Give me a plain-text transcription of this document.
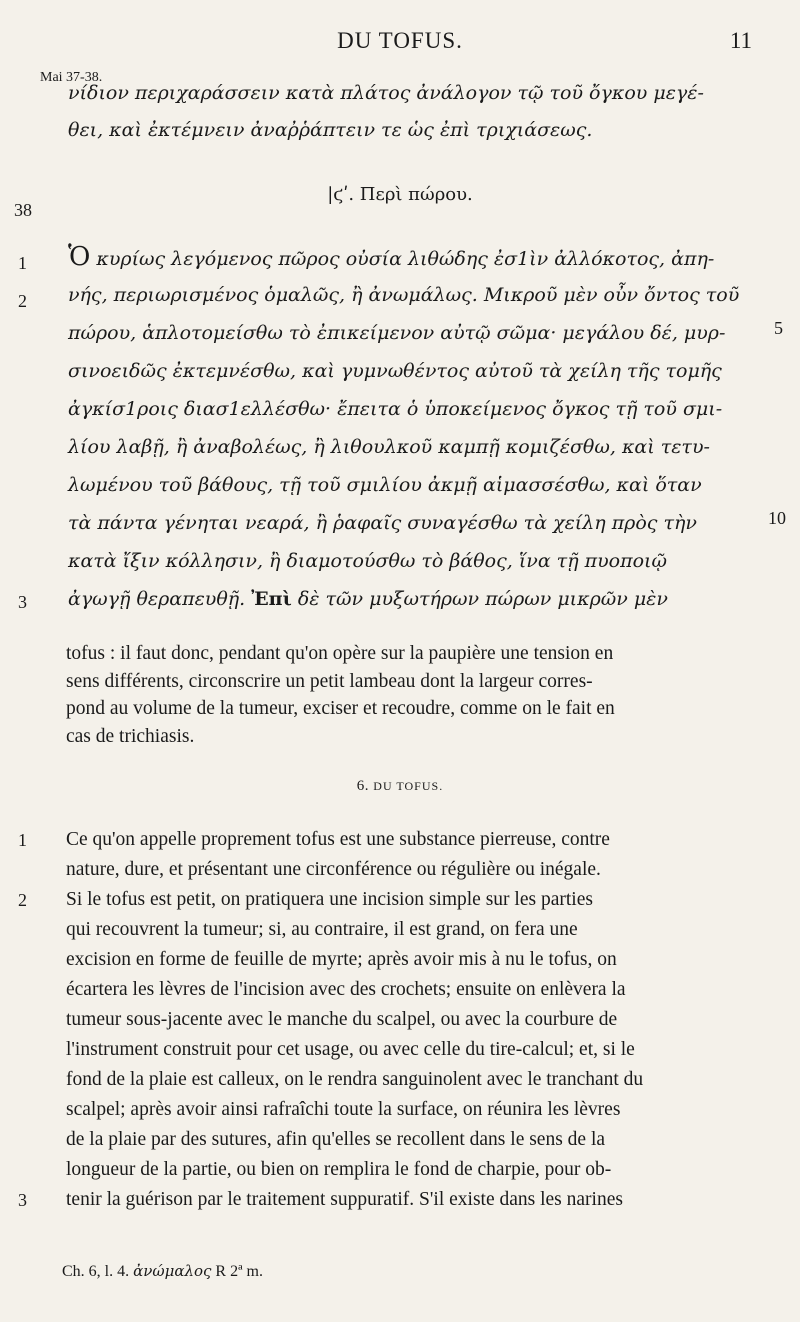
DU TOFUS.	11
Mai 37-38.
νίδιον περιχαράσσειν κατὰ πλάτος ἀνάλογον τῷ τοῦ ὄγκου μεγέ-
θει, καὶ ἐκτέμνειν ἀναῤῥάπτειν τε ὡς ἐπὶ τριχιάσεως.
|ϛʹ. Περὶ πώρου.
38
Ὁ κυρίως λεγόμενος πῶρος οὐσία λιθώδης ἐσ1ὶν ἀλλόκοτος, ἀπη-
νής, περιωρισμένος ὁμαλῶς, ἢ ἀνωμάλως. Μικροῦ μὲν οὖν ὄντος τοῦ
πώρου, ἁπλοτομείσθω τὸ ἐπικείμενον αὐτῷ σῶμα· μεγάλου δέ, μυρ-
σινοειδῶς ἐκτεμνέσθω, καὶ γυμνωθέντος αὐτοῦ τὰ χείλη τῆς τομῆς
ἀγκίσ1ροις διασ1ελλέσθω· ἔπειτα ὁ ὑποκείμενος ὄγκος τῇ τοῦ σμι-
λίου λαβῇ, ἢ ἀναβολέως, ἢ λιθουλκοῦ καμπῇ κομιζέσθω, καὶ τετυ-
λωμένου τοῦ βάθους, τῇ τοῦ σμιλίου ἀκμῇ αἱμασσέσθω, καὶ ὅταν
τὰ πάντα γένηται νεαρά, ἢ ῥαφαῖς συναγέσθω τὰ χείλη πρὸς τὴν
κατὰ ἴξιν κόλλησιν, ἢ διαμοτούσθω τὸ βάθος, ἵνα τῇ πυοποιῷ
ἀγωγῇ θεραπευθῇ. Ἐπὶ δὲ τῶν μυξωτήρων πώρων μικρῶν μὲν
1
2
3
5
10
tofus : il faut donc, pendant qu'on opère sur la paupière une tension en
sens différents, circonscrire un petit lambeau dont la largeur corres-
pond au volume de la tumeur, exciser et recoudre, comme on le fait en
cas de trichiasis.
6. DU TOFUS.
Ce qu'on appelle proprement tofus est une substance pierreuse, contre
nature, dure, et présentant une circonférence ou régulière ou inégale.
Si le tofus est petit, on pratiquera une incision simple sur les parties
qui recouvrent la tumeur; si, au contraire, il est grand, on fera une
excision en forme de feuille de myrte; après avoir mis à nu le tofus, on
écartera les lèvres de l'incision avec des crochets; ensuite on enlèvera la
tumeur sous-jacente avec le manche du scalpel, ou avec la courbure de
l'instrument construit pour cet usage, ou avec celle du tire-calcul; et, si le
fond de la plaie est calleux, on le rendra sanguinolent avec le tranchant du
scalpel; après avoir ainsi rafraîchi toute la surface, on réunira les lèvres
de la plaie par des sutures, afin qu'elles se recollent dans le sens de la
longueur de la partie, ou bien on remplira le fond de charpie, pour ob-
tenir la guérison par le traitement suppuratif. S'il existe dans les narines
1
2
3
Ch. 6, l. 4. ἀνώμαλος R 2ª m.
